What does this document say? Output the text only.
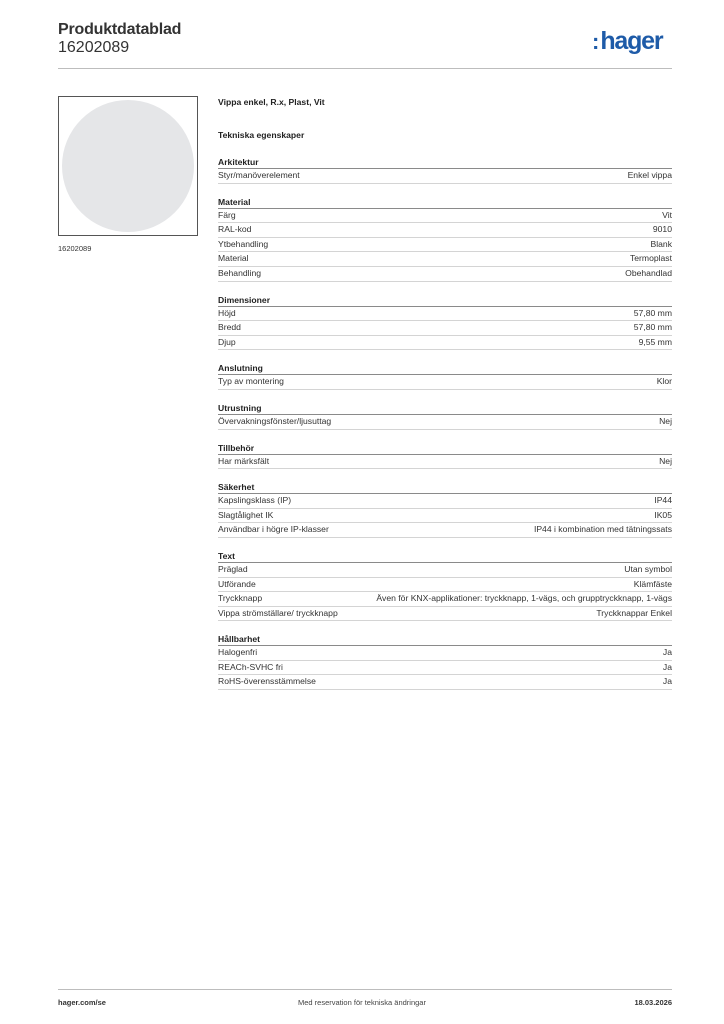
Produktdatablad
16202089	:hager
16202089
Vippa enkel, R.x, Plast, Vit
Tekniska egenskaper
Arkitektur
Styr/manöverelement	Enkel vippa
Material
Färg	Vit
RAL-kod	9010
Ytbehandling	Blank
Material	Termoplast
Behandling	Obehandlad
Dimensioner
Höjd	57,80 mm
Bredd	57,80 mm
Djup	9,55 mm
Anslutning
Typ av montering	Klor
Utrustning
Övervakningsfönster/ljusuttag	Nej
Tillbehör
Har märksfält	Nej
Säkerhet
Kapslingsklass (IP)	IP44
Slagtålighet IK	IK05
Användbar i högre IP-klasser	IP44 i kombination med tätningssats
Text
Präglad	Utan symbol
Utförande	Klämfäste
Tryckknapp	Även för KNX-applikationer: tryckknapp, 1-vägs, och grupptryckknapp, 1-vägs
Vippa strömställare/ tryckknapp	Tryckknappar Enkel
Hållbarhet
Halogenfri	Ja
REACh-SVHC fri	Ja
RoHS-överensstämmelse	Ja
hager.com/se	Med reservation för tekniska ändringar	18.03.2026
